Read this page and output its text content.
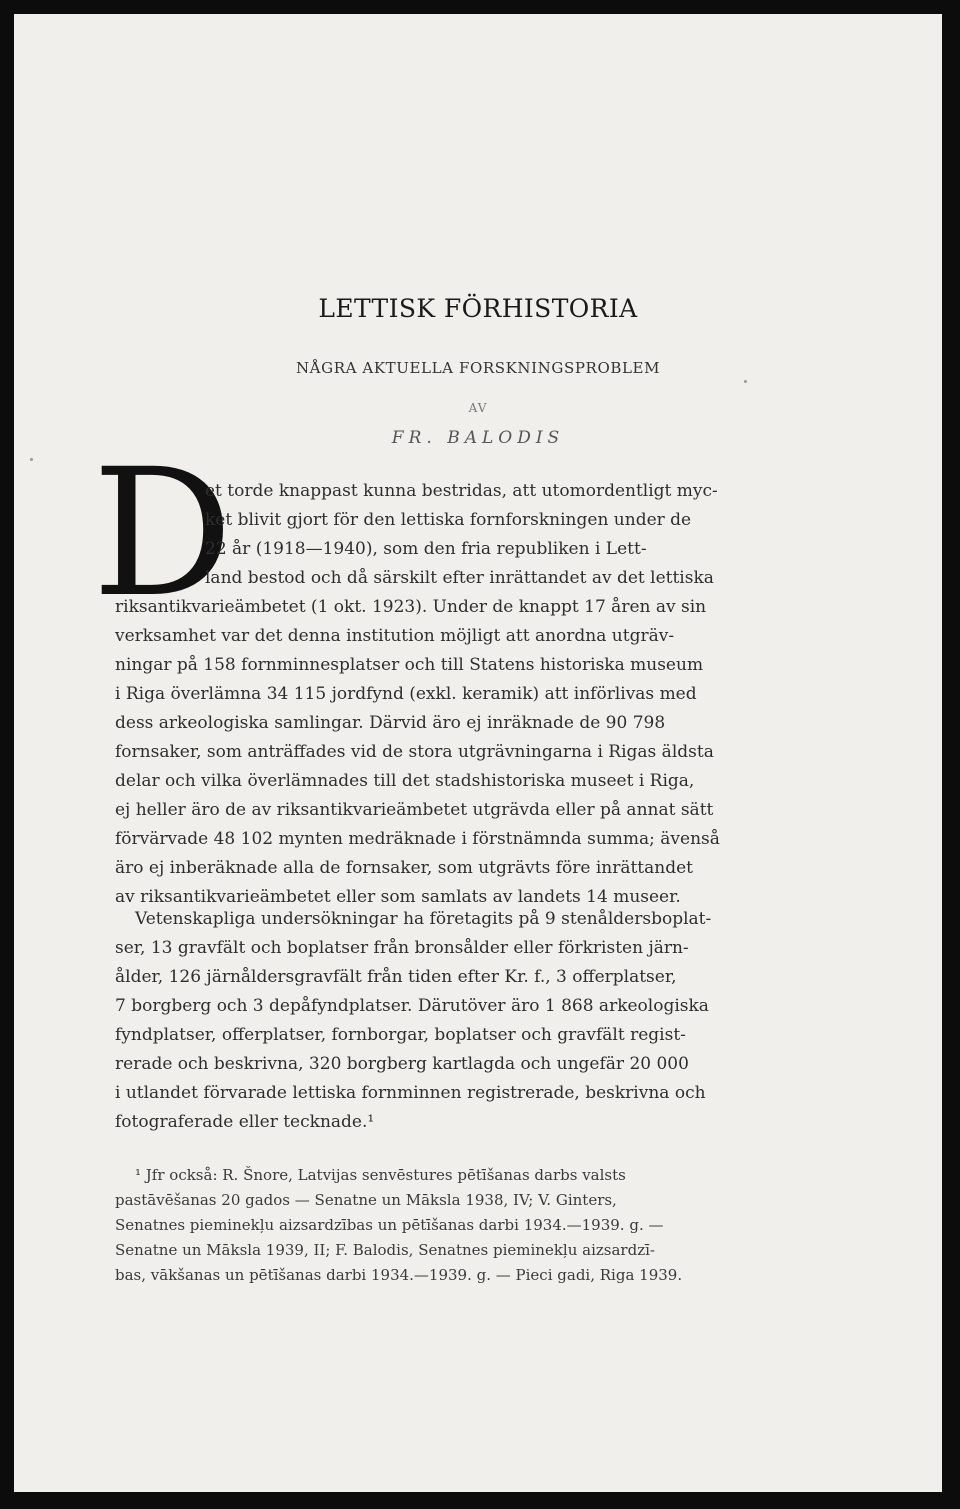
LETTISK FÖRHISTORIA
NÅGRA AKTUELLA FORSKNINGSPROBLEM
AV
FR. BALODIS
D
et torde knappast kunna bestridas, att utomordentligt myc-
ket blivit gjort för den lettiska fornforskningen under de
22 år (1918—1940), som den fria republiken i Lett-
land bestod och då särskilt efter inrättandet av det lettiska
riksantikvarieämbetet (1 okt. 1923). Under de knappt 17 åren av sin
verksamhet var det denna institution möjligt att anordna utgräv-
ningar på 158 fornminnesplatser och till Statens historiska museum
i Riga överlämna 34 115 jordfynd (exkl. keramik) att införlivas med
dess arkeologiska samlingar. Därvid äro ej inräknade de 90 798
fornsaker, som anträffades vid de stora utgrävningarna i Rigas äldsta
delar och vilka överlämnades till det stadshistoriska museet i Riga,
ej heller äro de av riksantikvarieämbetet utgrävda eller på annat sätt
förvärvade 48 102 mynten medräknade i förstnämnda summa; ävenså
äro ej inberäknade alla de fornsaker, som utgrävts före inrättandet
av riksantikvarieämbetet eller som samlats av landets 14 museer.
Vetenskapliga undersökningar ha företagits på 9 stenåldersboplat-
ser, 13 gravfält och boplatser från bronsålder eller förkristen järn-
ålder, 126 järnåldersgravfält från tiden efter Kr. f., 3 offerplatser,
7 borgberg och 3 depåfyndplatser. Därutöver äro 1 868 arkeologiska
fyndplatser, offerplatser, fornborgar, boplatser och gravfält regist-
rerade och beskrivna, 320 borgberg kartlagda och ungefär 20 000
i utlandet förvarade lettiska fornminnen registrerade, beskrivna och
fotograferade eller tecknade.¹
¹ Jfr också: R. Šnore, Latvijas senvēstures pētīšanas darbs valsts
pastāvēšanas 20 gados — Senatne un Māksla 1938, IV; V. Ginters,
Senatnes pieminekļu aizsardzības un pētīšanas darbi 1934.—1939. g. —
Senatne un Māksla 1939, II; F. Balodis, Senatnes pieminekļu aizsardzī-
bas, vākšanas un pētīšanas darbi 1934.—1939. g. — Pieci gadi, Riga 1939.
